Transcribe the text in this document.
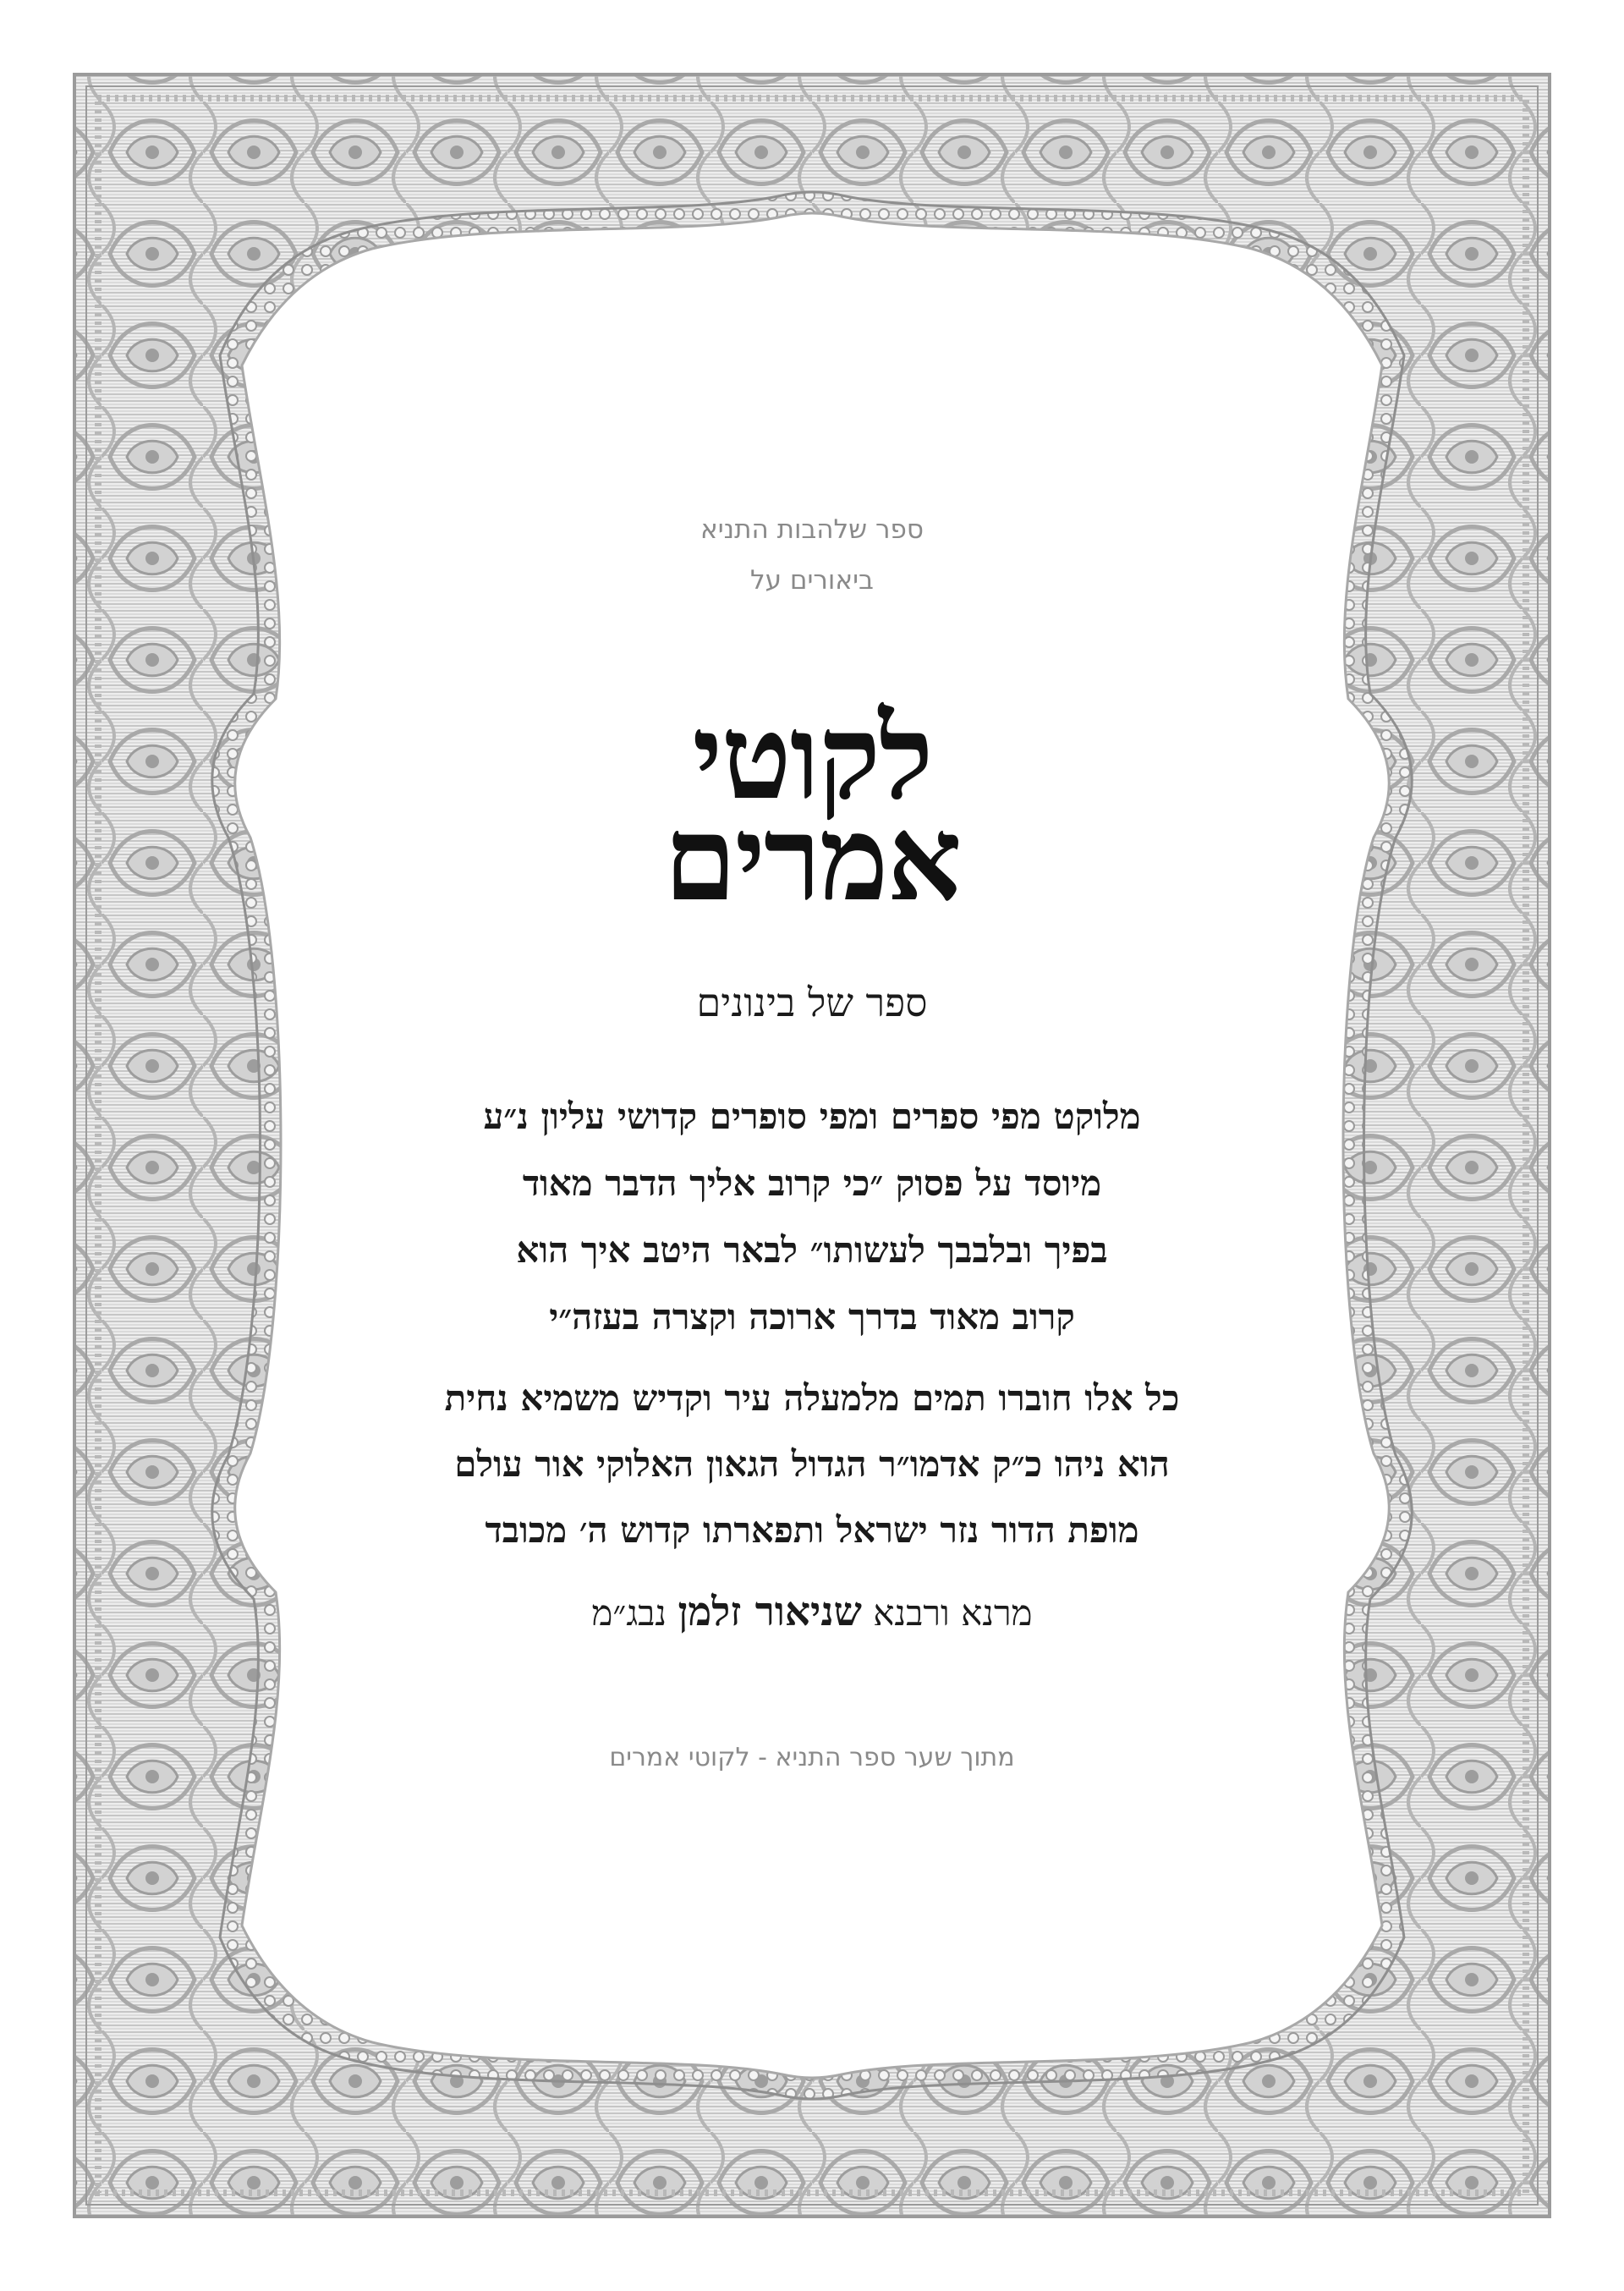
ספר שלהבות התניא

ביאורים על

לקוטי

אמרים

ספר של בינונים

מלוקט מפי ספרים ומפי סופרים קדושי עליון נ״ע

מיוסד על פסוק ״כי קרוב אליך הדבר מאוד

בפיך ובלבבך לעשותו״ לבאר היטב איך הוא

קרוב מאוד בדרך ארוכה וקצרה בעזה״י

כל אלו חוברו תמים מלמעלה עיר וקדיש משמיא נחית

הוא ניהו כ״ק אדמו״ר הגדול הגאון האלוקי אור עולם

מופת הדור נזר ישראל ותפארתו קדוש ה׳ מכובד

מרנא ורבנא שניאור זלמן נבג״מ

מתוך שער ספר התניא - לקוטי אמרים
